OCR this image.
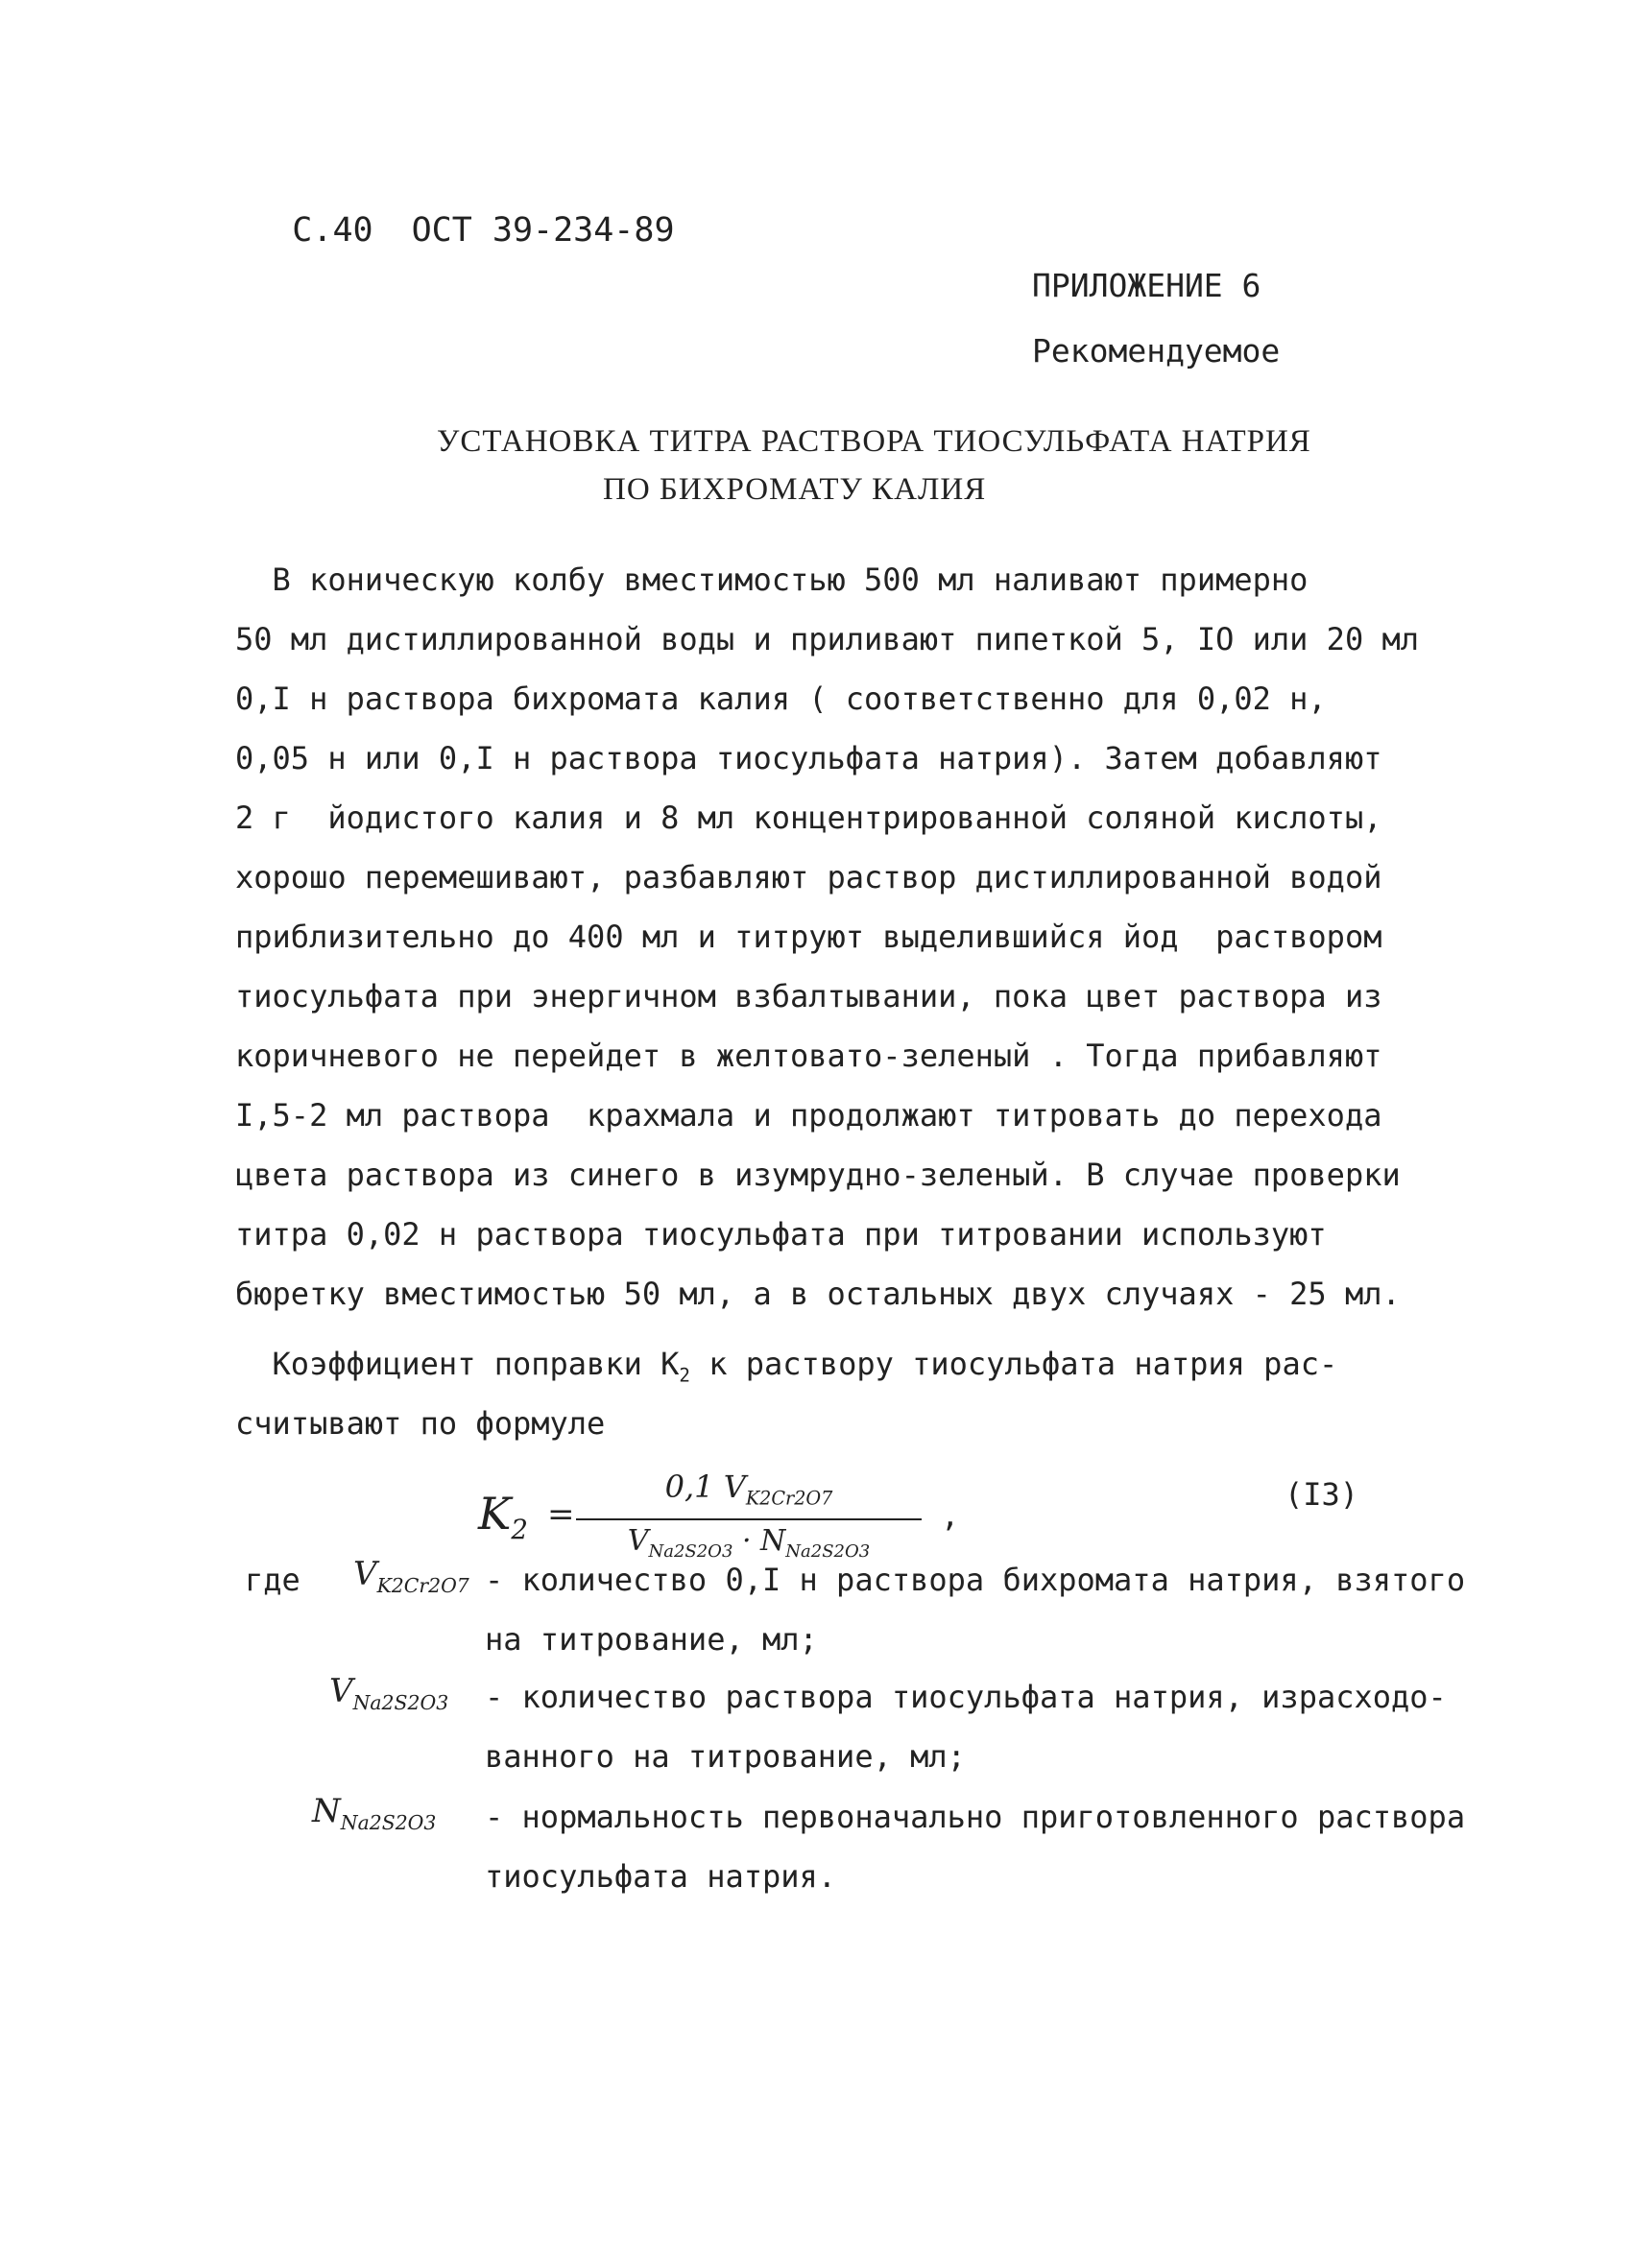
С.40 ОСТ 39-234-89

ПРИЛОЖЕНИЕ 6
Рекомендуемое
УСТАНОВКА ТИТРА РАСТВОРА ТИОСУЛЬФАТА НАТРИЯ
ПО БИХРОМАТУ КАЛИЯ
В коническую колбу вместимостью 500 мл наливают примерно
50 мл дистиллированной воды и приливают пипеткой 5, IO или 20 мл
0,I н раствора бихромата калия ( соответственно для 0,02 н,
0,05 н или 0,I н раствора тиосульфата натрия). Затем добавляют
2 г  йодистого калия и 8 мл концентрированной соляной кислоты,
хорошо перемешивают, разбавляют раствор дистиллированной водой
приблизительно до 400 мл и титруют выделившийся йод  раствором
тиосульфата при энергичном взбалтывании, пока цвет раствора из
коричневого не перейдет в желтовато-зеленый . Тогда прибавляют
I,5-2 мл раствора  крахмала и продолжают титровать до перехода
цвета раствора из синего в изумрудно-зеленый. В случае проверки
титра 0,02 н раствора тиосульфата при титровании используют
бюретку вместимостью 50 мл, а в остальных двух случаях - 25 мл.
Коэффициент поправки $K_2$ к раствору тиосульфата натрия рас-
считывают по формуле
$K_2$ =
0,1 $V_{K2Cr2O7}$
$V_{Na2S2O3} \cdot N_{Na2S2O3}$
,
(I3)
где $V_{K2Cr2O7}$ - количество 0,I н раствора бихромата натрия, взятого
на титрование, мл;
$V_{Na2S2O3}$ - количество раствора тиосульфата натрия, израсходо-
ванного на титрование, мл;
$N_{Na2S2O3}$ - нормальность первоначально приготовленного раствора
тиосульфата натрия.
